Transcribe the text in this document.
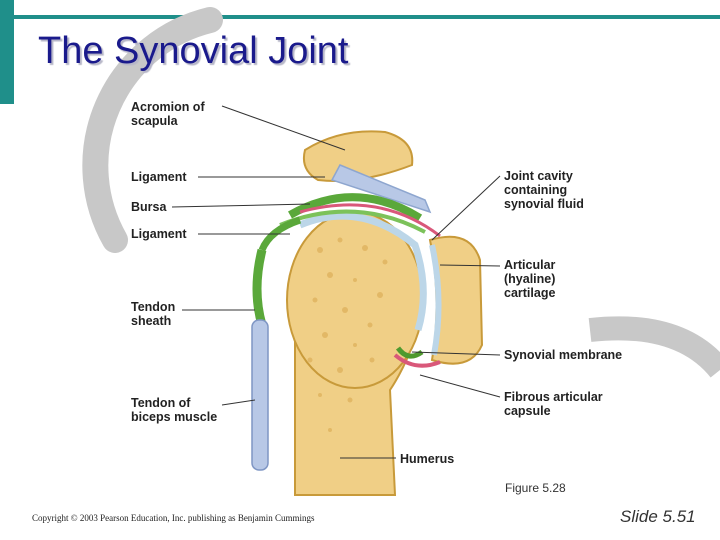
The Synovial Joint
Acromion of
scapula
Ligament
Bursa
Ligament
Tendon
sheath
Tendon of
biceps muscle
Joint cavity
containing
synovial fluid
Articular
(hyaline)
cartilage
Synovial membrane
Fibrous articular
capsule
Humerus
Figure 5.28
Copyright © 2003 Pearson Education, Inc. publishing as Benjamin Cummings	Slide 5.51
